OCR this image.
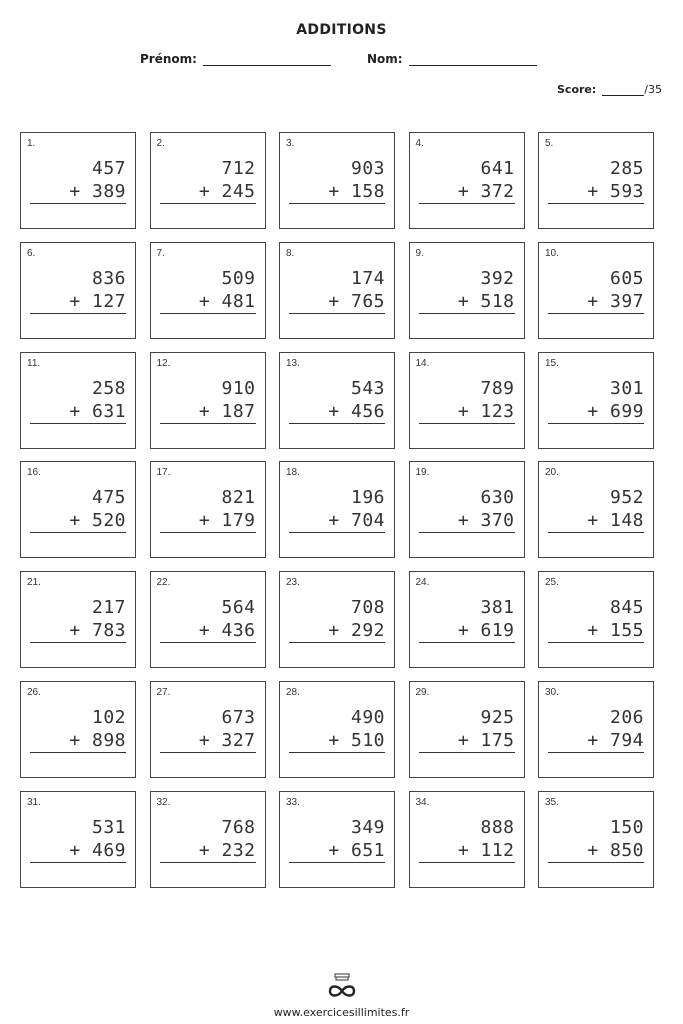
ADDITIONS
Prénom:	Nom:
Score:	/35
1.
457
+ 389
2.
712
+ 245
3.
903
+ 158
4.
641
+ 372
5.
285
+ 593
6.
836
+ 127
7.
509
+ 481
8.
174
+ 765
9.
392
+ 518
10.
605
+ 397
11.
258
+ 631
12.
910
+ 187
13.
543
+ 456
14.
789
+ 123
15.
301
+ 699
16.
475
+ 520
17.
821
+ 179
18.
196
+ 704
19.
630
+ 370
20.
952
+ 148
21.
217
+ 783
22.
564
+ 436
23.
708
+ 292
24.
381
+ 619
25.
845
+ 155
26.
102
+ 898
27.
673
+ 327
28.
490
+ 510
29.
925
+ 175
30.
206
+ 794
31.
531
+ 469
32.
768
+ 232
33.
349
+ 651
34.
888
+ 112
35.
150
+ 850
www.exercicesillimites.fr
